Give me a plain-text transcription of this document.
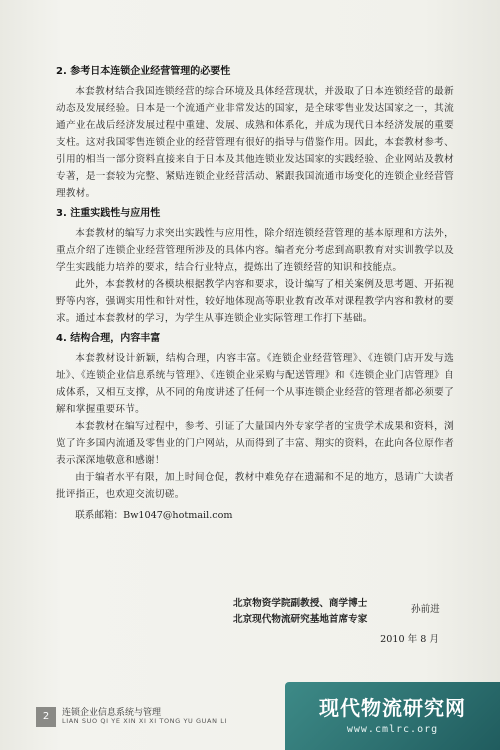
2. 参考日本连锁企业经营管理的必要性

本套教材结合我国连锁经营的综合环境及具体经营现状，并汲取了日本连锁经营的最新动态及发展经验。日本是一个流通产业非常发达的国家，是全球零售业发达国家之一，其流通产业在战后经济发展过程中重建、发展、成熟和体系化，并成为现代日本经济发展的重要支柱。这对我国零售连锁企业的经营管理有很好的指导与借鉴作用。因此，本套教材参考、引用的相当一部分资料直接来自于日本及其他连锁业发达国家的实践经验、企业网站及教材专著，是一套较为完整、紧贴连锁企业经营活动、紧跟我国流通市场变化的连锁企业经营管理教材。

3. 注重实践性与应用性

本套教材的编写力求突出实践性与应用性，除介绍连锁经营管理的基本原理和方法外，重点介绍了连锁企业经营管理所涉及的具体内容。编者充分考虑到高职教育对实训教学以及学生实践能力培养的要求，结合行业特点，提炼出了连锁经营的知识和技能点。

此外，本套教材的各模块根据教学内容和要求，设计编写了相关案例及思考题、开拓视野等内容，强调实用性和针对性，较好地体现高等职业教育改革对课程教学内容和教材的要求。通过本套教材的学习，为学生从事连锁企业实际管理工作打下基础。

4. 结构合理，内容丰富

本套教材设计新颖，结构合理，内容丰富。《连锁企业经营管理》、《连锁门店开发与选址》、《连锁企业信息系统与管理》、《连锁企业采购与配送管理》和《连锁企业门店管理》自成体系，又相互支撑，从不同的角度讲述了任何一个从事连锁企业经营的管理者都必须要了解和掌握重要环节。

本套教材在编写过程中，参考、引证了大量国内外专家学者的宝贵学术成果和资料，浏览了许多国内流通及零售业的门户网站，从而得到了丰富、翔实的资料，在此向各位原作者表示深深地敬意和感谢！

由于编者水平有限，加上时间仓促，教材中难免存在遗漏和不足的地方，恳请广大读者批评指正，也欢迎交流切磋。

联系邮箱：Bw1047@hotmail.com
北京物资学院副教授、商学博士
北京现代物流研究基地首席专家
孙前进
2010 年 8 月
2	连锁企业信息系统与管理
LIAN SUO QI YE XIN XI XI TONG YU GUAN LI
现代物流研究网
www.cmlrc.org
